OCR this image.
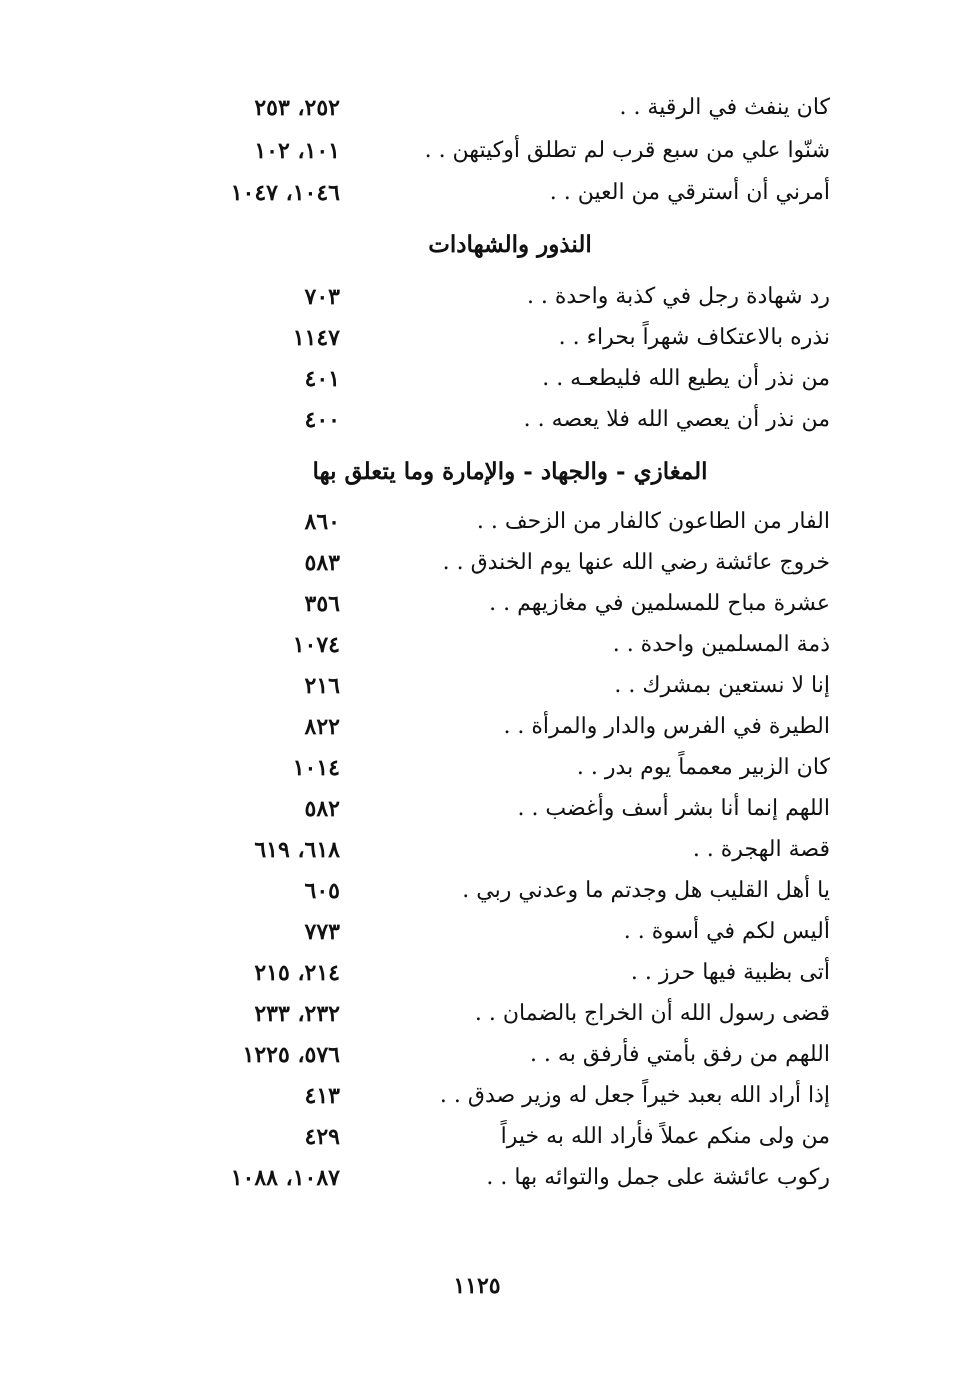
كان ينفث في الرقية . .
٢٥٢، ٢٥٣
شنّوا علي من سبع قرب لم تطلق أوكيتهن . .
١٠١، ١٠٢
أمرني أن أسترقي من العين . .
١٠٤٦، ١٠٤٧
النذور والشهادات
رد شهادة رجل في كذبة واحدة . .
٧٠٣
نذره بالاعتكاف شهراً بحراء . .
١١٤٧
من نذر أن يطيع الله فليطعـه . .
٤٠١
من نذر أن يعصي الله فلا يعصه . .
٤٠٠
المغازي - والجهاد - والإمارة وما يتعلق بها
الفار من الطاعون كالفار من الزحف . .
٨٦٠
خروج عائشة رضي الله عنها يوم الخندق . .
٥٨٣
عشرة مباح للمسلمين في مغازيهم . .
٣٥٦
ذمة المسلمين واحدة . .
١٠٧٤
إنا لا نستعين بمشرك . .
٢١٦
الطيرة في الفرس والدار والمرأة . .
٨٢٢
كان الزبير معمماً يوم بدر . .
١٠١٤
اللهم إنما أنا بشر أسف وأغضب . .
٥٨٢
قصة الهجرة . .
٦١٨، ٦١٩
يا أهل القليب هل وجدتم ما وعدني ربي .
٦٠٥
أليس لكم في أسوة . .
٧٧٣
أتى بظبية فيها حرز . .
٢١٤، ٢١٥
قضى رسول الله أن الخراج بالضمان . .
٢٣٢، ٢٣٣
اللهم من رفق بأمتي فأرفق به . .
٥٧٦، ١٢٢٥
إذا أراد الله بعبد خيراً جعل له وزير صدق . .
٤١٣
من ولى منكم عملاً فأراد الله به خيراً
٤٢٩
ركوب عائشة على جمل والتوائه بها . .
١٠٨٧، ١٠٨٨
١١٢٥
